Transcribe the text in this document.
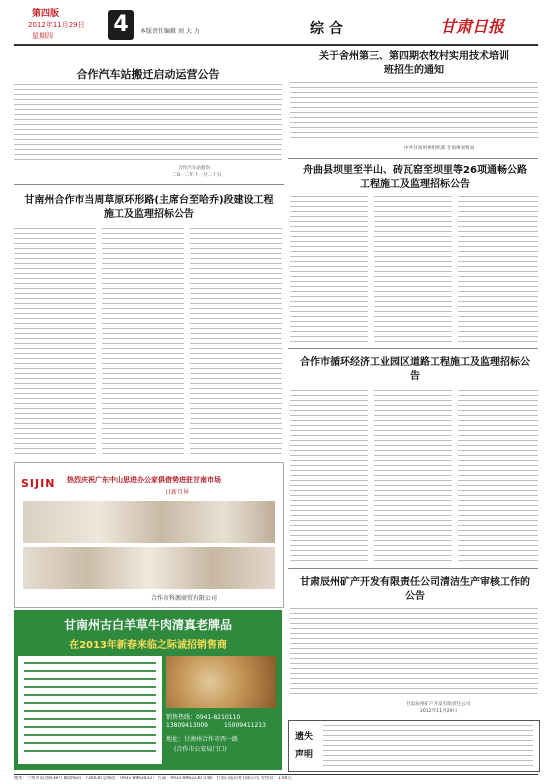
第四版
2012年11月29日
星期四	4	本版责任编辑 刘 大 力	综 合	甘肃日报
合作汽车站搬迁启动运营公告
合作汽车站股份
二O一二年十一月二十日
甘南州合作市当周草原环形路(主席台至哈乔)段建设工程施工及监理招标公告
SIJIN 热烈庆祝广东中山思进办公家俱借势进驻甘南市场
日新月异
合作市科源商贸有限公司
甘南州古白羊草牛肉清真老牌品
在2013年新春来临之际诚招销售商
销售热线：0941-8210110
13809413009	15009411213
地址：甘南州合作市西一路
(合作市公安局门口)
关于舍州第三、第四期农牧村实用技术培训班招生的通知
中共甘南州委组织部 甘南州农牧局
舟曲县坝里至半山、砖瓦窑至坝里等26项通畅公路工程施工及监理招标公告
合作市循环经济工业园区道路工程施工及监理招标公告
甘肃辰州矿产开发有限责任公司清洁生产审核工作的公告
甘肃辰州矿产开发有限责任公司
2012年11月29日
遗失
声明
地址：兰州市南昌路38号 邮政编码：730030 总编室：0931-8963033 广告部：0931-8962230 印刷：甘肃日报印务有限公司 零售价：1.00元
